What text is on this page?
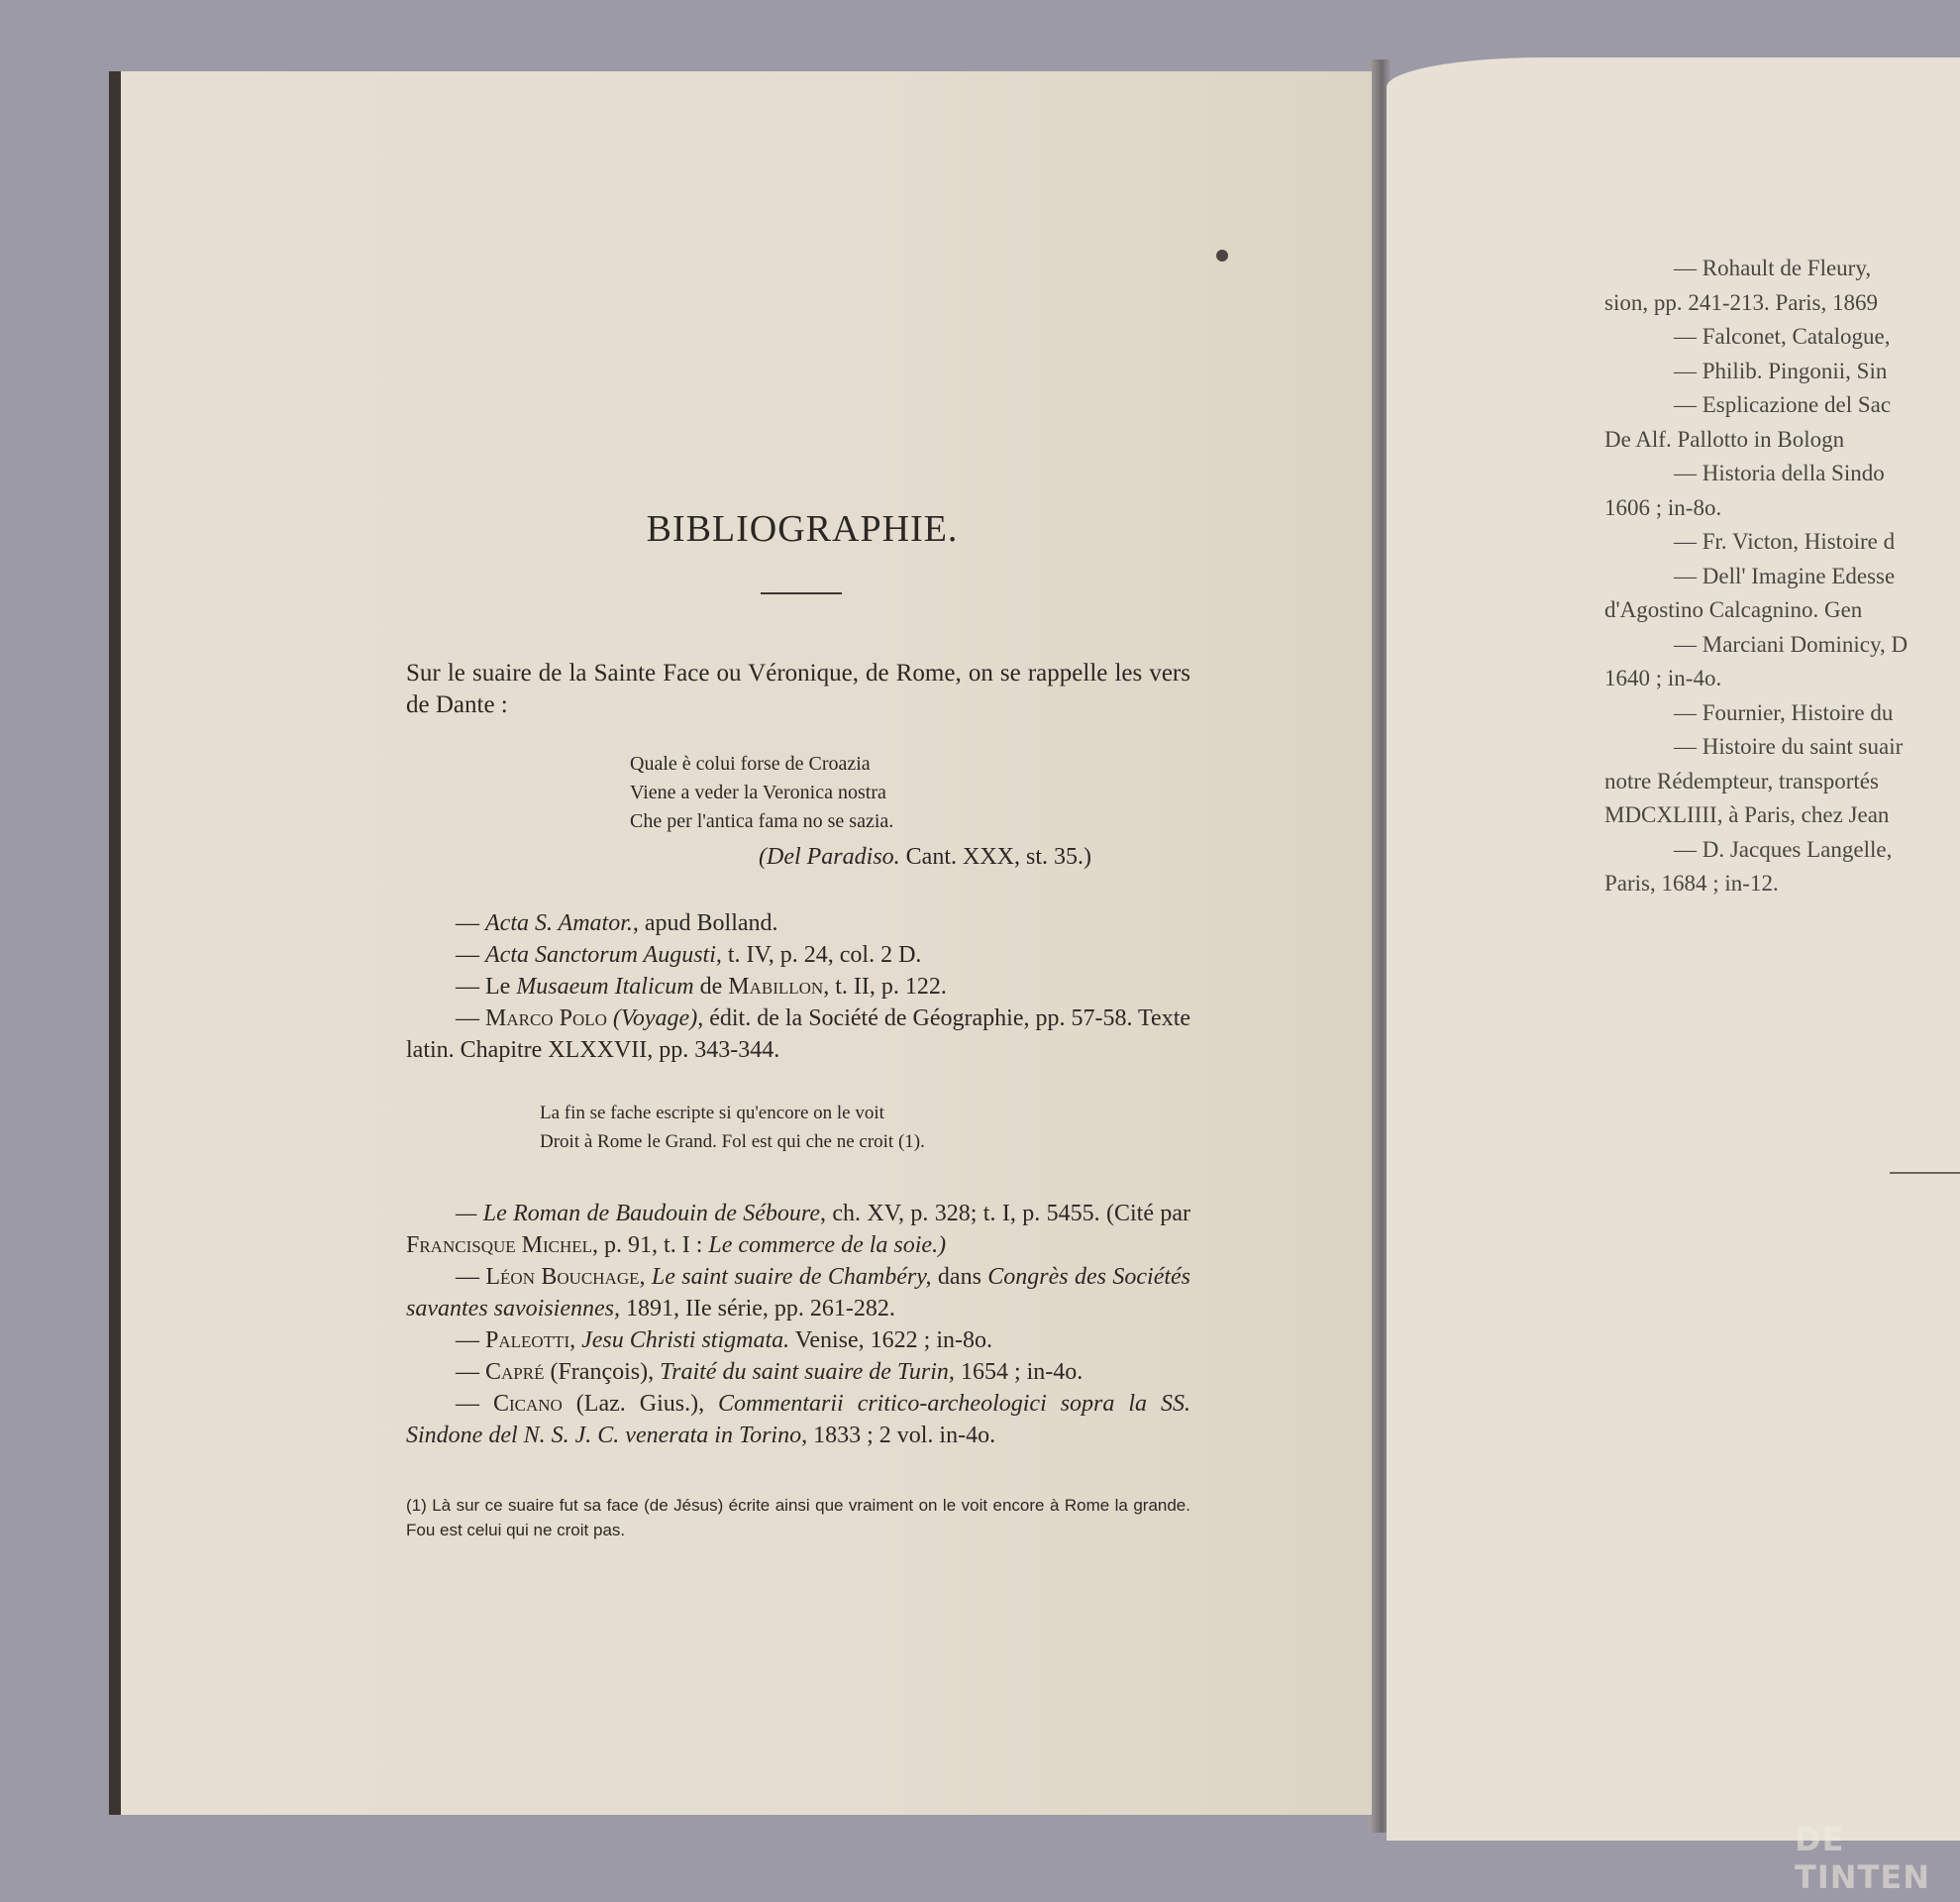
BIBLIOGRAPHIE.
Sur le suaire de la Sainte Face ou Véronique, de Rome, on se rappelle les vers de Dante :
Quale è colui forse de Croazia
Viene a veder la Veronica nostra
Che per l'antica fama no se sazia.
(Del Paradiso. Cant. XXX, st. 35.)

— Acta S. Amator., apud Bolland.

— Acta Sanctorum Augusti, t. IV, p. 24, col. 2 D.

— Le Musaeum Italicum de Mabillon, t. II, p. 122.

— Marco Polo (Voyage), édit. de la Société de Géographie, pp. 57-58. Texte latin. Chapitre XLXXVII, pp. 343-344.

La fin se fache escripte si qu'encore on le voit
Droit à Rome le Grand. Fol est qui che ne croit (1).

— Le Roman de Baudouin de Séboure, ch. XV, p. 328; t. I, p. 5455. (Cité par Francisque Michel, p. 91, t. I : Le commerce de la soie.)

— Léon Bouchage, Le saint suaire de Chambéry, dans Congrès des Sociétés savantes savoisiennes, 1891, IIe série, pp. 261-282.

— Paleotti, Jesu Christi stigmata. Venise, 1622 ; in-8o.

— Capré (François), Traité du saint suaire de Turin, 1654 ; in-4o.

— Cicano (Laz. Gius.), Commentarii critico-archeologici sopra la SS. Sindone del N. S. J. C. venerata in Torino, 1833 ; 2 vol. in-4o.

(1) Là sur ce suaire fut sa face (de Jésus) écrite ainsi que vraiment on le voit encore à Rome la grande. Fou est celui qui ne croit pas.

— Rohault de Fleury,

sion, pp. 241-213. Paris, 1869

— Falconet, Catalogue,

— Philib. Pingonii, Sin

— Esplicazione del Sac

De Alf. Pallotto in Bologn

— Historia della Sindo

1606 ; in-8o.

— Fr. Victon, Histoire d

— Dell' Imagine Edesse

d'Agostino Calcagnino. Gen

— Marciani Dominicy, D

1640 ; in-4o.

— Fournier, Histoire du

— Histoire du saint suair

notre Rédempteur, transportés

MDCXLIIII, à Paris, chez Jean

— D. Jacques Langelle,

Paris, 1684 ; in-12.

DE TINTEN
